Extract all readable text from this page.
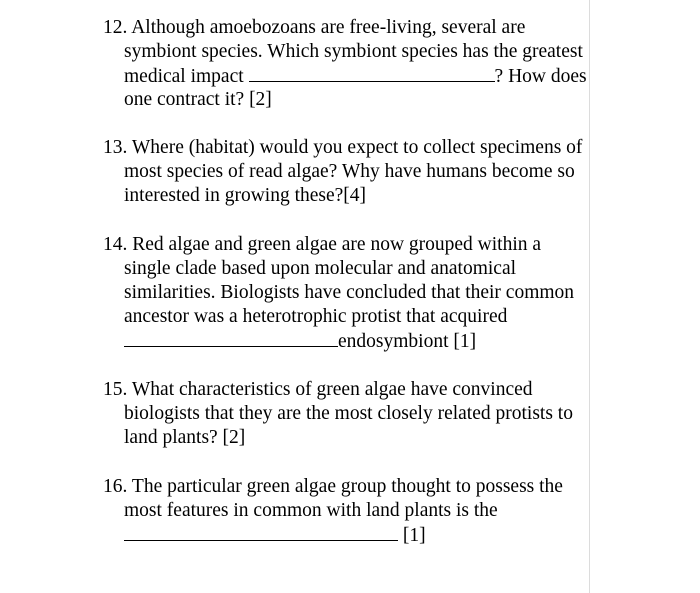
12. Although amoebozoans are free-living, several are
symbiont species. Which symbiont species has the greatest
medical impact	? How does
one contract it? [2]
13. Where (habitat) would you expect to collect specimens of
most species of read algae? Why have humans become so
interested in growing these?[4]
14. Red algae and green algae are now grouped within a
single clade based upon molecular and anatomical
similarities. Biologists have concluded that their common
ancestor was a heterotrophic protist that acquired
endosymbiont [1]
15. What characteristics of green algae have convinced
biologists that they are the most closely related protists to
land plants? [2]
16. The particular green algae group thought to possess the
most features in common with land plants is the
[1]
